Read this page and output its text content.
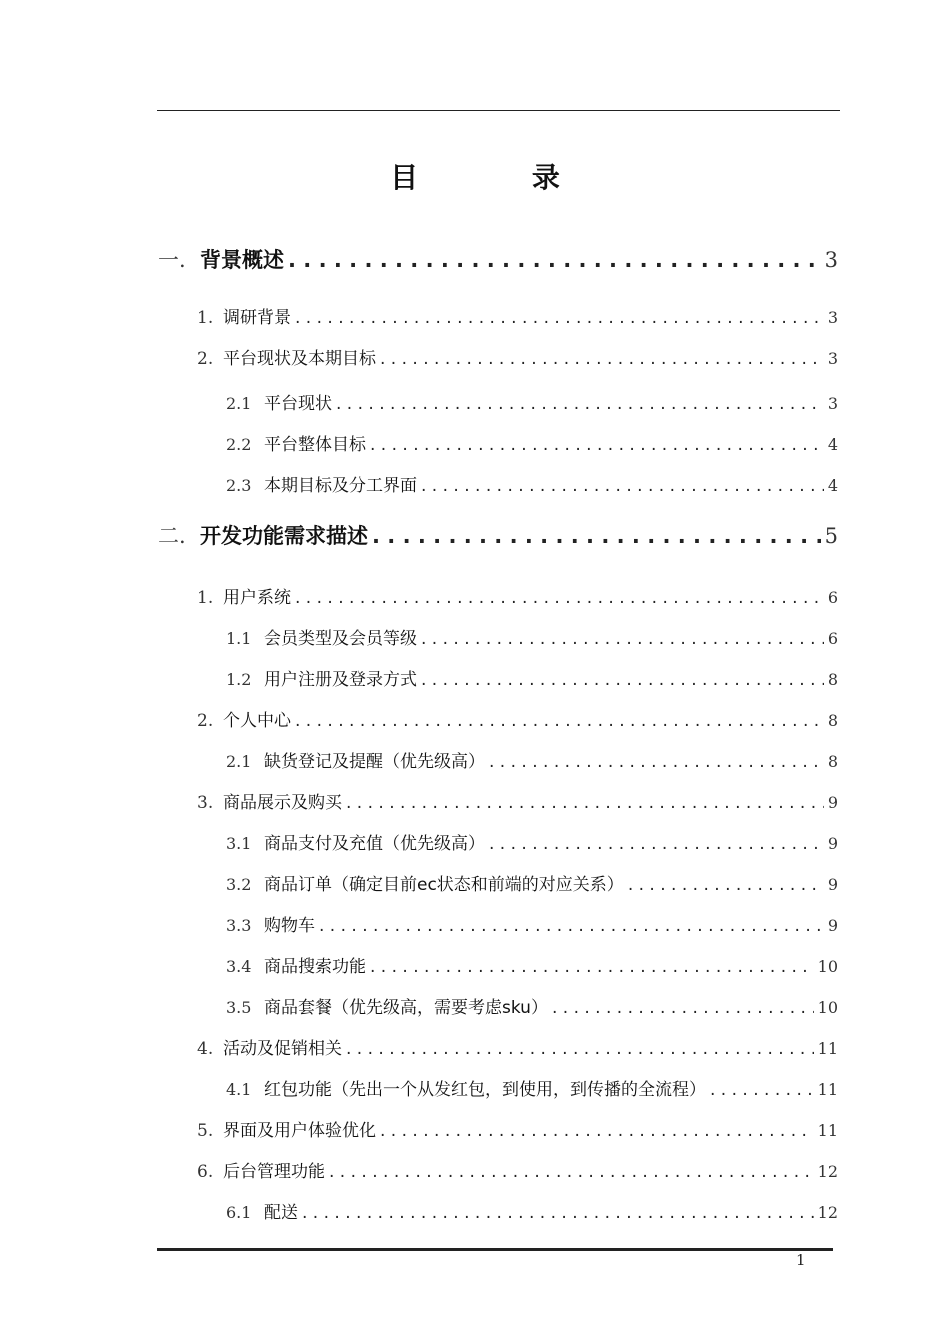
目 录
一. 背景概述 . . .	3
1. 调研背景 . . .	3
2. 平台现状及本期目标 . . .	3
2.1 平台现状 . . .	3
2.2 平台整体目标 . . .	4
2.3 本期目标及分工界面 . . .	4
二. 开发功能需求描述 . . .	5
1. 用户系统 . . .	6
1.1 会员类型及会员等级 . . .	6
1.2 用户注册及登录方式 . . .	8
2. 个人中心 . . .	8
2.1 缺货登记及提醒（优先级高） . . .	8
3. 商品展示及购买 . . .	9
3.1 商品支付及充值（优先级高） . . .	9
3.2 商品订单（确定目前ec状态和前端的对应关系） . . .	9
3.3 购物车 . . .	9
3.4 商品搜索功能 . . .	10
3.5 商品套餐（优先级高，需要考虑sku） . . .	10
4. 活动及促销相关 . . .	11
4.1 红包功能（先出一个从发红包，到使用，到传播的全流程） . . .	11
5. 界面及用户体验优化 . . .	11
6. 后台管理功能 . . .	12
6.1 配送 . . .	12
1
